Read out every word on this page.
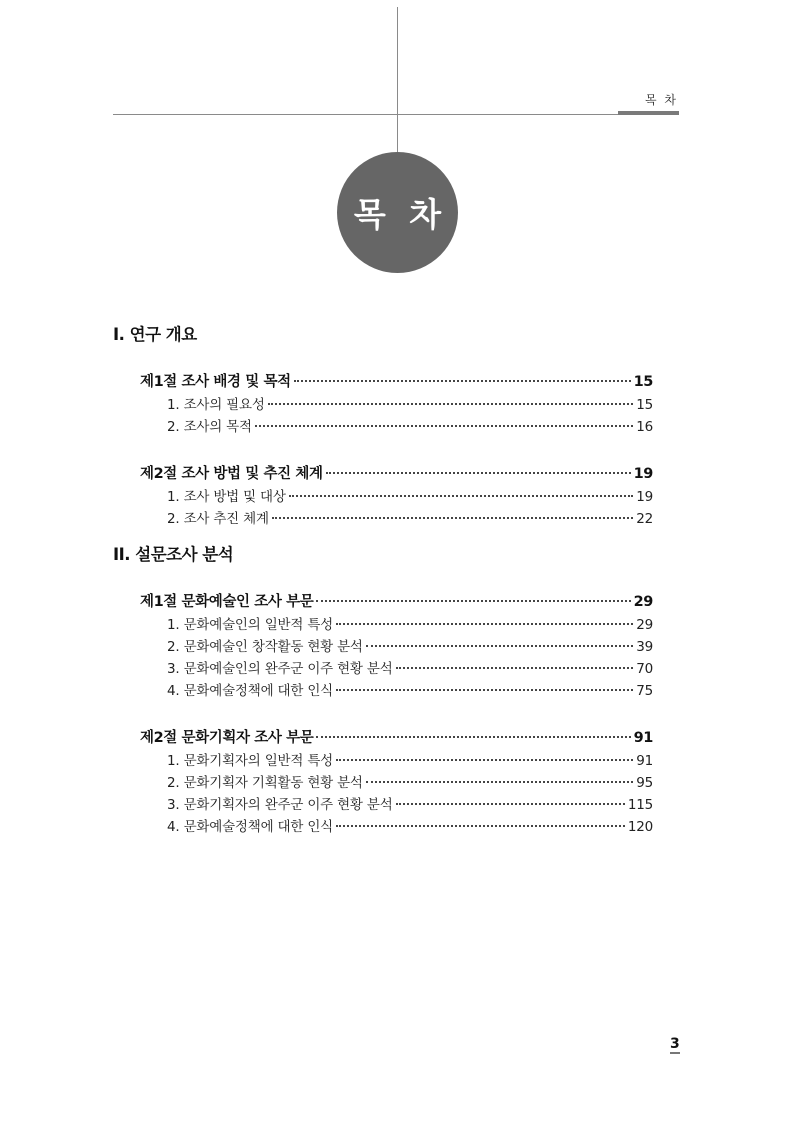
목 차
목 차
I. 연구 개요
제1절 조사 배경 및 목적	15
1. 조사의 필요성	15
2. 조사의 목적	16
제2절 조사 방법 및 추진 체계	19
1. 조사 방법 및 대상	19
2. 조사 추진 체계	22
II. 설문조사 분석
제1절 문화예술인 조사 부문	29
1. 문화예술인의 일반적 특성	29
2. 문화예술인 창작활동 현황 분석	39
3. 문화예술인의 완주군 이주 현황 분석	70
4. 문화예술정책에 대한 인식	75
제2절 문화기획자 조사 부문	91
1. 문화기획자의 일반적 특성	91
2. 문화기획자 기획활동 현황 분석	95
3. 문화기획자의 완주군 이주 현황 분석	115
4. 문화예술정책에 대한 인식	120
3
